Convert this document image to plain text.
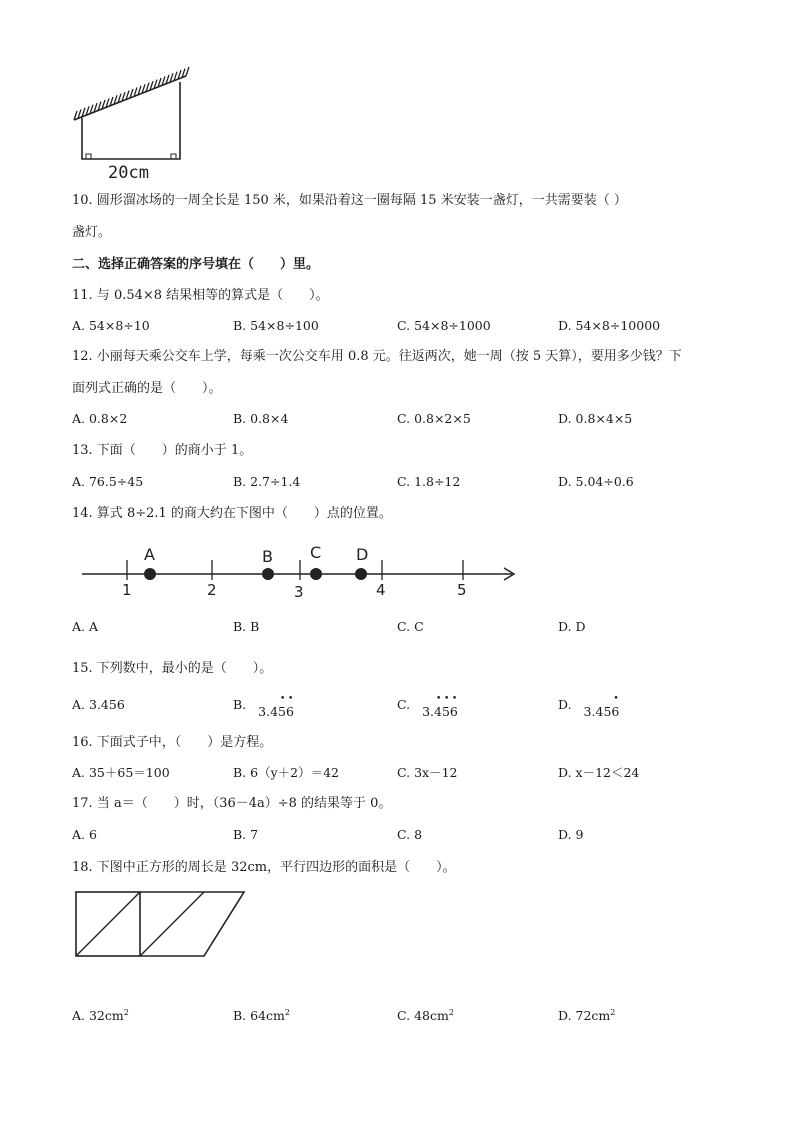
20cm
10. 圆形溜冰场的一周全长是 150 米，如果沿着这一圈每隔 15 米安装一盏灯，一共需要装（ ）
盏灯。
二、选择正确答案的序号填在（　　）里。
11. 与 0.54×8 结果相等的算式是（　　）。
A. 54×8÷10	B. 54×8÷100	C. 54×8÷1000	D. 54×8÷10000
12. 小丽每天乘公交车上学，每乘一次公交车用 0.8 元。往返两次，她一周（按 5 天算），要用多少钱？下
面列式正确的是（　　）。
A. 0.8×2	B. 0.8×4	C. 0.8×2×5	D. 0.8×4×5
13. 下面（　　）的商小于 1。
A. 76.5÷45	B. 2.7÷1.4	C. 1.8÷12	D. 5.04÷0.6
14. 算式 8÷2.1 的商大约在下图中（　　）点的位置。
1	2	3	4	5
A	B C D
A. A	B. B	C. C	D. D
15. 下列数中，最小的是（　　）。
A. 3.456	B. 3.4
•
5
•
6	C. 3.
•
4
•
5
•
6	D. 3.45
•
6
16. 下面式子中，（　　）是方程。
A. 35＋65＝100	B. 6（y＋2）＝42	C. 3x－12	D. x－12＜24
17. 当 a＝（　　）时，（36－4a）÷8 的结果等于 0。
A. 6	B. 7	C. 8	D. 9
18. 下图中正方形的周长是 32cm，平行四边形的面积是（　　）。
A. $32cm^2$	B. $64cm^2$	C. $48cm^2$	D. $72cm^2$
